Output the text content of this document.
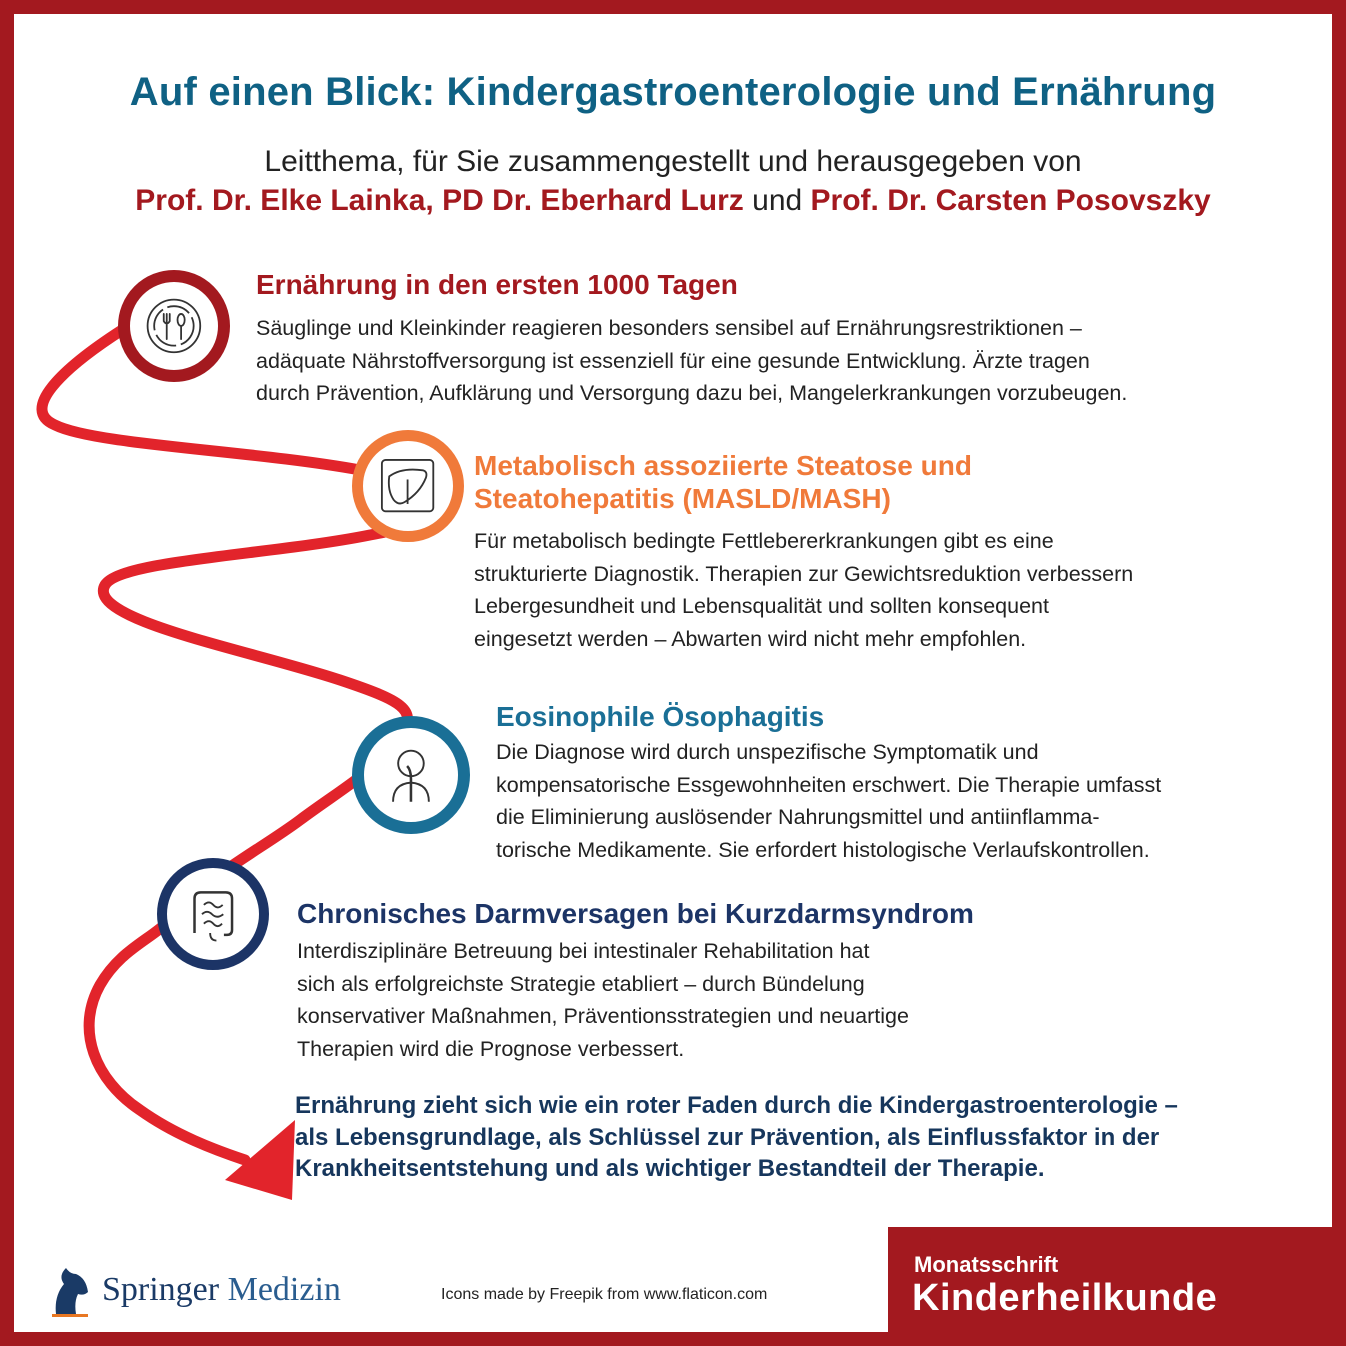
Auf einen Blick: Kindergastroenterologie und Ernährung
Leitthema, für Sie zusammengestellt und herausgegeben von
Prof. Dr. Elke Lainka, PD Dr. Eberhard Lurz und Prof. Dr. Carsten Posovszky
Ernährung in den ersten 1000 Tagen
Säuglinge und Kleinkinder reagieren besonders sensibel auf Ernährungsrestriktionen –
adäquate Nährstoffversorgung ist essenziell für eine gesunde Entwicklung. Ärzte tragen
durch Prävention, Aufklärung und Versorgung dazu bei, Mangelerkrankungen vorzubeugen.
Metabolisch assoziierte Steatose und
Steatohepatitis (MASLD/MASH)
Für metabolisch bedingte Fettlebererkrankungen gibt es eine
strukturierte Diagnostik. Therapien zur Gewichtsreduktion verbessern
Lebergesundheit und Lebensqualität und sollten konsequent
eingesetzt werden – Abwarten wird nicht mehr empfohlen.
Eosinophile Ösophagitis
Die Diagnose wird durch unspezifische Symptomatik und
kompensatorische Essgewohnheiten erschwert. Die Therapie umfasst
die Eliminierung auslösender Nahrungsmittel und antiinflamma-
torische Medikamente. Sie erfordert histologische Verlaufskontrollen.
Chronisches Darmversagen bei Kurzdarmsyndrom
Interdisziplinäre Betreuung bei intestinaler Rehabilitation hat
sich als erfolgreichste Strategie etabliert – durch Bündelung
konservativer Maßnahmen, Präventionsstrategien und neuartige
Therapien wird die Prognose verbessert.
Ernährung zieht sich wie ein roter Faden durch die Kindergastroenterologie –
als Lebensgrundlage, als Schlüssel zur Prävention, als Einflussfaktor in der
Krankheitsentstehung und als wichtiger Bestandteil der Therapie.
Springer Medizin	Icons made by Freepik from www.flaticon.com
Monatsschrift
Kinderheilkunde
